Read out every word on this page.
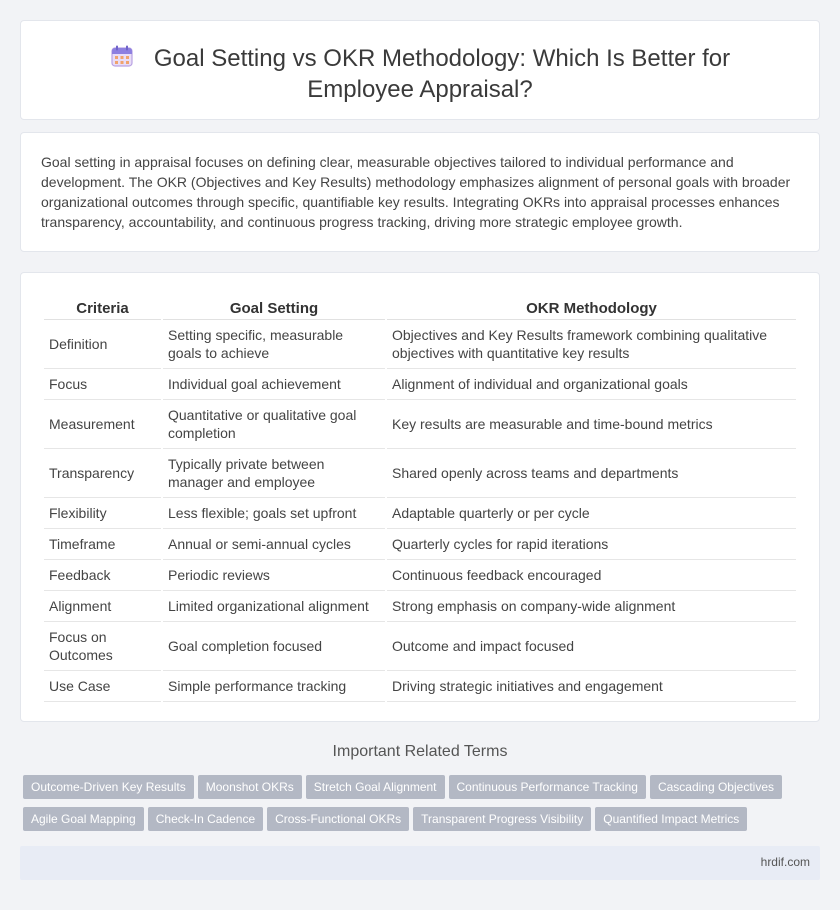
Goal Setting vs OKR Methodology: Which Is Better for Employee Appraisal?

Goal setting in appraisal focuses on defining clear, measurable objectives tailored to individual performance and development. The OKR (Objectives and Key Results) methodology emphasizes alignment of personal goals with broader organizational outcomes through specific, quantifiable key results. Integrating OKRs into appraisal processes enhances transparency, accountability, and continuous progress tracking, driving more strategic employee growth.

Criteria	Goal Setting	OKR Methodology
Definition	Setting specific, measurable goals to achieve	Objectives and Key Results framework combining qualitative objectives with quantitative key results
Focus	Individual goal achievement	Alignment of individual and organizational goals
Measurement	Quantitative or qualitative goal completion	Key results are measurable and time-bound metrics
Transparency	Typically private between manager and employee	Shared openly across teams and departments
Flexibility	Less flexible; goals set upfront	Adaptable quarterly or per cycle
Timeframe	Annual or semi-annual cycles	Quarterly cycles for rapid iterations
Feedback	Periodic reviews	Continuous feedback encouraged
Alignment	Limited organizational alignment	Strong emphasis on company-wide alignment
Focus on Outcomes	Goal completion focused	Outcome and impact focused
Use Case	Simple performance tracking	Driving strategic initiatives and engagement
Important Related Terms
Outcome-Driven Key Results Moonshot OKRs Stretch Goal Alignment Continuous Performance Tracking Cascading Objectives
Agile Goal Mapping Check-In Cadence Cross-Functional OKRs Transparent Progress Visibility Quantified Impact Metrics
hrdif.com
